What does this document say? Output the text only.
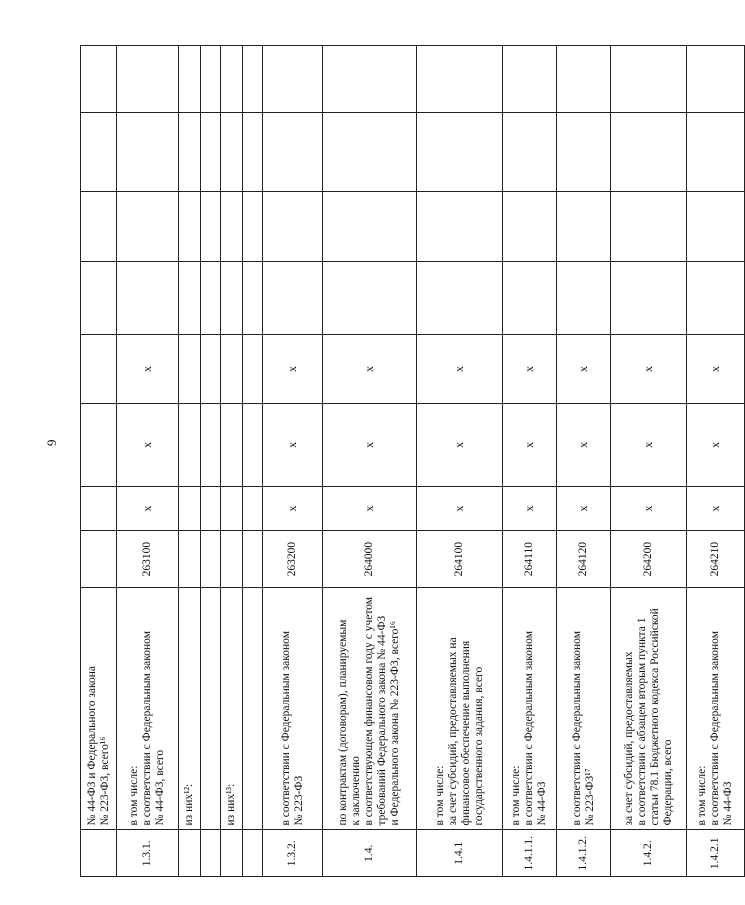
9

	№ 44-ФЗ и Федерального закона № 223-ФЗ, всего¹⁶								

1.3.1.	в том числе: в соответствии с Федеральным законом № 44-ФЗ, всего	263100	x	x	x				

	из них¹²:								

	из них¹³:								

1.3.2.	в соответствии с Федеральным законом № 223-ФЗ	263200	x	x	x				
1.4.	по контрактам (договорам), планируемым к заключению в соответствующем финансовом году с учетом требований Федерального закона № 44-ФЗ и Федерального закона № 223-ФЗ, всего¹⁶	264000	x	x	x				
1.4.1	в том числе: за счет субсидий, предоставляемых на финансовое обеспечение выполнения государственного задания, всего	264100	x	x	x				
1.4.1.1.	в том числе: в соответствии с Федеральным законом № 44-ФЗ	264110	x	x	x				
1.4.1.2.	в соответствии с Федеральным законом № 223-ФЗ¹⁷	264120	x	x	x				
1.4.2.	за счет субсидий, предоставляемых в соответствии с абзацем вторым пункта 1 статьи 78.1 Бюджетного кодекса Российской Федерации, всего	264200	x	x	x				
1.4.2.1	в том числе: в соответствии с Федеральным законом № 44-ФЗ	264210	x	x	x				
